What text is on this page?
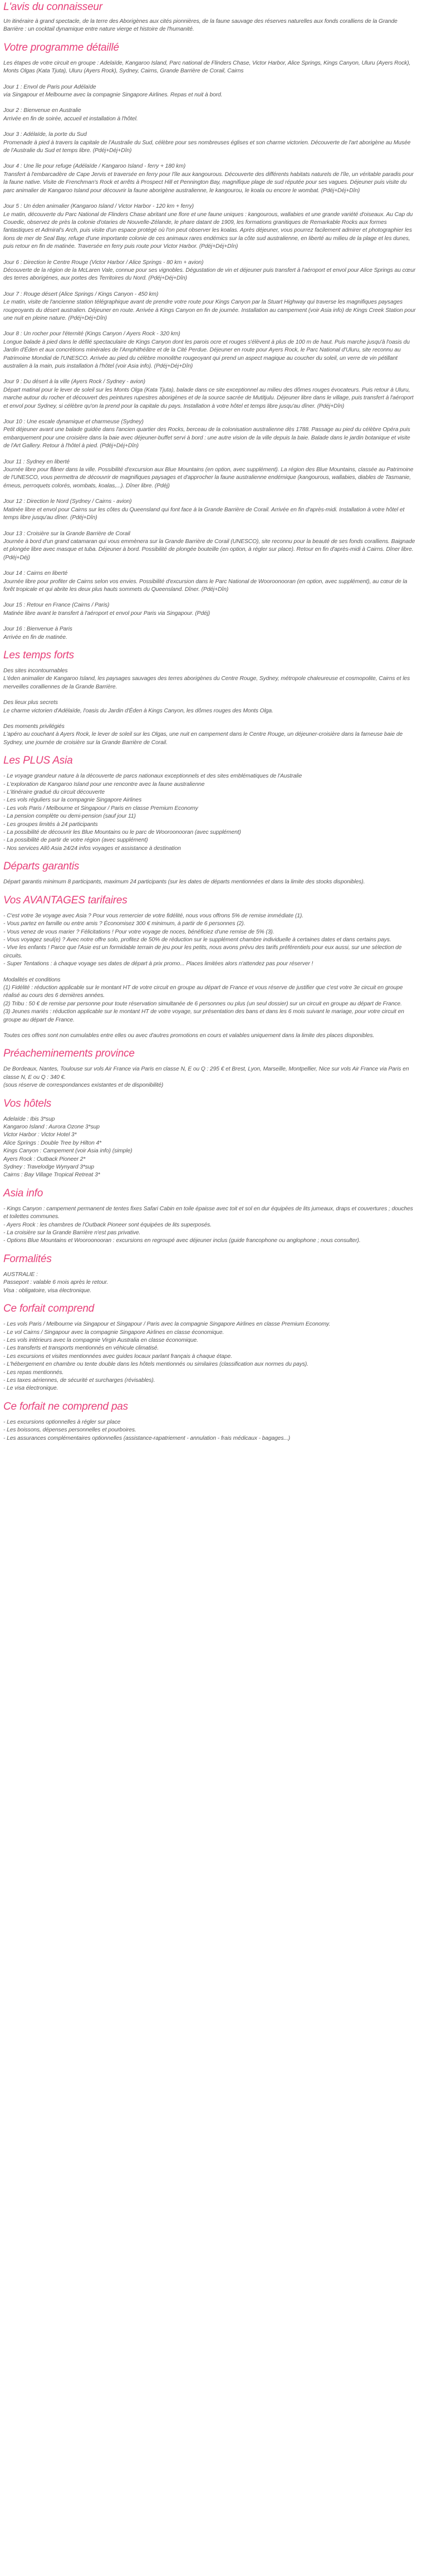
L'avis du connaisseur

Un itinéraire à grand spectacle, de la terre des Aborigènes aux cités pionnières, de la faune sauvage des réserves naturelles aux fonds coralliens de la Grande Barrière : un cocktail dynamique entre nature vierge et histoire de l'humanité.

Votre programme détaillé

Les étapes de votre circuit en groupe : Adelaïde, Kangaroo Island, Parc national de Flinders Chase, Victor Harbor, Alice Springs, Kings Canyon, Uluru (Ayers Rock), Monts Olgas (Kata Tjuta), Uluru (Ayers Rock), Sydney, Cairns, Grande Barrière de Corail, Cairns

Jour 1 : Envol de Paris pour Adélaïde
via Singapour et Melbourne avec la compagnie Singapore Airlines. Repas et nuit à bord.

Jour 2 : Bienvenue en Australie
Arrivée en fin de soirée, accueil et installation à l'hôtel.

Jour 3 : Adélaïde, la porte du Sud
Promenade à pied à travers la capitale de l'Australie du Sud, célèbre pour ses nombreuses églises et son charme victorien. Découverte de l'art aborigène au Musée de l'Australie du Sud et temps libre. (Pdéj+Déj+Dîn)

Jour 4 : Une île pour refuge (Adélaïde / Kangaroo Island - ferry + 180 km)
Transfert à l'embarcadère de Cape Jervis et traversée en ferry pour l'île aux kangourous. Découverte des différents habitats naturels de l'île, un véritable paradis pour la faune native. Visite de Frenchman's Rock et arrêts à Prospect Hill et Pennington Bay, magnifique plage de sud réputée pour ses vagues. Déjeuner puis visite du parc animalier de Kangaroo Island pour découvrir la faune aborigène australienne, le kangourou, le koala ou encore le wombat. (Pdéj+Déj+Dîn)

Jour 5 : Un éden animalier (Kangaroo Island / Victor Harbor - 120 km + ferry)
Le matin, découverte du Parc National de Flinders Chase abritant une flore et une faune uniques : kangourous, wallabies et une grande variété d'oiseaux. Au Cap du Couedic, observez de près la colonie d'otaries de Nouvelle-Zélande, le phare datant de 1909, les formations granitiques de Remarkable Rocks aux formes fantastiques et Admiral's Arch, puis visite d'un espace protégé où l'on peut observer les koalas. Après déjeuner, vous pourrez facilement admirer et photographier les lions de mer de Seal Bay, refuge d'une importante colonie de ces animaux rares endémics sur la côte sud australienne, en liberté au milieu de la plage et les dunes, puis retour en fin de matinée. Traversée en ferry puis route pour Victor Harbor. (Pdéj+Déj+Dîn)

Jour 6 : Direction le Centre Rouge (Victor Harbor / Alice Springs - 80 km + avion)
Découverte de la région de la McLaren Vale, connue pour ses vignobles. Dégustation de vin et déjeuner puis transfert à l'aéroport et envol pour Alice Springs au cœur des terres aborigènes, aux portes des Territoires du Nord. (Pdéj+Déj+Dîn)

Jour 7 : Rouge désert (Alice Springs / Kings Canyon - 450 km)
Le matin, visite de l'ancienne station télégraphique avant de prendre votre route pour Kings Canyon par la Stuart Highway qui traverse les magnifiques paysages rougeoyants du désert australien. Déjeuner en route. Arrivée à Kings Canyon en fin de journée. Installation au campement (voir Asia info) de Kings Creek Station pour une nuit en pleine nature. (Pdéj+Déj+Dîn)

Jour 8 : Un rocher pour l'éternité (Kings Canyon / Ayers Rock - 320 km)
Longue balade à pied dans le défilé spectaculaire de Kings Canyon dont les parois ocre et rouges s'élèvent à plus de 100 m de haut. Puis marche jusqu'à l'oasis du Jardin d'Éden et aux concrétions minérales de l'Amphithéâtre et de la Cité Perdue. Déjeuner en route pour Ayers Rock, le Parc National d'Uluru, site reconnu au Patrimoine Mondial de l'UNESCO. Arrivée au pied du célèbre monolithe rougeoyant qui prend un aspect magique au coucher du soleil, un verre de vin pétillant australien à la main, puis installation à l'hôtel (voir Asia info). (Pdéj+Déj+Dîn)

Jour 9 : Du désert à la ville (Ayers Rock / Sydney - avion)
Départ matinal pour le lever de soleil sur les Monts Olga (Kata Tjuta), balade dans ce site exceptionnel au milieu des dômes rouges évocateurs. Puis retour à Uluru, marche autour du rocher et découvert des peintures rupestres aborigènes et de la source sacrée de Mutitjulu. Déjeuner libre dans le village, puis transfert à l'aéroport et envol pour Sydney, si célèbre qu'on la prend pour la capitale du pays. Installation à votre hôtel et temps libre jusqu'au dîner. (Pdéj+Dîn)

Jour 10 : Une escale dynamique et charmeuse (Sydney)
Petit déjeuner avant une balade guidée dans l'ancien quartier des Rocks, berceau de la colonisation australienne dès 1788. Passage au pied du célèbre Opéra puis embarquement pour une croisière dans la baie avec déjeuner-buffet servi à bord : une autre vision de la ville depuis la baie. Balade dans le jardin botanique et visite de l'Art Gallery. Retour à l'hôtel à pied. (Pdéj+Déj+Dîn)

Jour 11 : Sydney en liberté
Journée libre pour flâner dans la ville. Possibilité d'excursion aux Blue Mountains (en option, avec supplément). La région des Blue Mountains, classée au Patrimoine de l'UNESCO, vous permettra de découvrir de magnifiques paysages et d'approcher la faune australienne endémique (kangourous, wallabies, diables de Tasmanie, émeus, perroquets colorés, wombats, koalas,...). Dîner libre. (Pdéj)

Jour 12 : Direction le Nord (Sydney / Cairns - avion)
Matinée libre et envol pour Cairns sur les côtes du Queensland qui font face à la Grande Barrière de Corail. Arrivée en fin d'après-midi. Installation à votre hôtel et temps libre jusqu'au dîner. (Pdéj+Dîn)

Jour 13 : Croisière sur la Grande Barrière de Corail
Journée à bord d'un grand catamaran qui vous emmènera sur la Grande Barrière de Corail (UNESCO), site reconnu pour la beauté de ses fonds coralliens. Baignade et plongée libre avec masque et tuba. Déjeuner à bord. Possibilité de plongée bouteille (en option, à régler sur place). Retour en fin d'après-midi à Cairns. Dîner libre. (Pdéj+Déj)

Jour 14 : Cairns en liberté
Journée libre pour profiter de Cairns selon vos envies. Possibilité d'excursion dans le Parc National de Wooroonooran (en option, avec supplément), au cœur de la forêt tropicale et qui abrite les deux plus hauts sommets du Queensland. Dîner. (Pdéj+Dîn)

Jour 15 : Retour en France (Cairns / Paris)
Matinée libre avant le transfert à l'aéroport et envol pour Paris via Singapour. (Pdéj)

Jour 16 : Bienvenue à Paris
Arrivée en fin de matinée.

Les temps forts

Des sites incontournables
L'éden animalier de Kangaroo Island, les paysages sauvages des terres aborigènes du Centre Rouge, Sydney, métropole chaleureuse et cosmopolite, Cairns et les merveilles coralliennes de la Grande Barrière.

Des lieux plus secrets
Le charme victorien d'Adélaïde, l'oasis du Jardin d'Éden à Kings Canyon, les dômes rouges des Monts Olga.

Des moments privilégiés
L'apéro au couchant à Ayers Rock, le lever de soleil sur les Olgas, une nuit en campement dans le Centre Rouge, un déjeuner-croisière dans la fameuse baie de Sydney, une journée de croisière sur la Grande Barrière de Corail.

Les PLUS Asia

- Le voyage grandeur nature à la découverte de parcs nationaux exceptionnels et des sites emblématiques de l'Australie
- L'exploration de Kangaroo Island pour une rencontre avec la faune australienne
- L'itinéraire gradué du circuit découverte
- Les vols réguliers sur la compagnie Singapore Airlines
- Les vols Paris / Melbourne et Singapour / Paris en classe Premium Economy
- La pension complète ou demi-pension (sauf jour 11)
- Les groupes limités à 24 participants
- La possibilité de découvrir les Blue Mountains ou le parc de Wooroonooran (avec supplément)
- La possibilité de partir de votre région (avec supplément)
- Nos services Allô Asia 24/24 infos voyages et assistance à destination

Départs garantis

Départ garantis minimum 8 participants, maximum 24 participants (sur les dates de départs mentionnées et dans la limite des stocks disponibles).

Vos AVANTAGES tarifaires

- C'est votre 3e voyage avec Asia ? Pour vous remercier de votre fidélité, nous vous offrons 5% de remise immédiate (1).
- Vous partez en famille ou entre amis ? Économisez 300 € minimum, à partir de 6 personnes (2).
- Vous venez de vous marier ? Félicitations ! Pour votre voyage de noces, bénéficiez d'une remise de 5% (3).
- Vous voyagez seul(e) ? Avec notre offre solo, profitez de 50% de réduction sur le supplément chambre individuelle à certaines dates et dans certains pays.
- Vive les enfants ! Parce que l'Asie est un formidable terrain de jeu pour les petits, nous avons prévu des tarifs préférentiels pour eux aussi, sur une sélection de circuits.
- Super Tentations : à chaque voyage ses dates de départ à prix promo... Places limitées alors n'attendez pas pour réserver !

Modalités et conditions
(1) Fidélité : réduction applicable sur le montant HT de votre circuit en groupe au départ de France et vous réserve de justifier que c'est votre 3e circuit en groupe réalisé au cours des 6 dernières années.
(2) Tribu : 50 € de remise par personne pour toute réservation simultanée de 6 personnes ou plus (un seul dossier) sur un circuit en groupe au départ de France.
(3) Jeunes mariés : réduction applicable sur le montant HT de votre voyage, sur présentation des bans et dans les 6 mois suivant le mariage, pour votre circuit en groupe au départ de France.

Toutes ces offres sont non cumulables entre elles ou avec d'autres promotions en cours et valables uniquement dans la limite des places disponibles.

Préacheminements province

De Bordeaux, Nantes, Toulouse sur vols Air France via Paris en classe N, E ou Q : 295 € et Brest, Lyon, Marseille, Montpellier, Nice sur vols Air France via Paris en classe N, E ou Q : 340 €.
(sous réserve de correspondances existantes et de disponibilité)

Vos hôtels

Adelaïde : Ibis 3*sup
Kangaroo Island : Aurora Ozone 3*sup
Victor Harbor : Victor Hotel 3*
Alice Springs : Double Tree by Hilton 4*
Kings Canyon : Campement (voir Asia info) (simple)
Ayers Rock : Outback Pioneer 2*
Sydney : Travelodge Wynyard 3*sup
Cairns : Bay Village Tropical Retreat 3*

Asia info

- Kings Canyon : campement permanent de tentes fixes Safari Cabin en toile épaisse avec toit et sol en dur équipées de lits jumeaux, draps et couvertures ; douches et toilettes communes.
- Ayers Rock : les chambres de l'Outback Pioneer sont équipées de lits superposés.
- La croisière sur la Grande Barrière n'est pas privative.
- Options Blue Mountains et Wooroonooran : excursions en regroupé avec déjeuner inclus (guide francophone ou anglophone ; nous consulter).

Formalités

AUSTRALIE :
Passeport : valable 6 mois après le retour.
Visa : obligatoire, visa électronique.

Ce forfait comprend

- Les vols Paris / Melbourne via Singapour et Singapour / Paris avec la compagnie Singapore Airlines en classe Premium Economy.
- Le vol Cairns / Singapour avec la compagnie Singapore Airlines en classe économique.
- Les vols intérieurs avec la compagnie Virgin Australia en classe économique.
- Les transferts et transports mentionnés en véhicule climatisé.
- Les excursions et visites mentionnées avec guides locaux parlant français à chaque étape.
- L'hébergement en chambre ou tente double dans les hôtels mentionnés ou similaires (classification aux normes du pays).
- Les repas mentionnés.
- Les taxes aériennes, de sécurité et surcharges (révisables).
- Le visa électronique.

Ce forfait ne comprend pas

- Les excursions optionnelles à régler sur place
- Les boissons, dépenses personnelles et pourboires.
- Les assurances complémentaires optionnelles (assistance-rapatriement - annulation - frais médicaux - bagages...)
